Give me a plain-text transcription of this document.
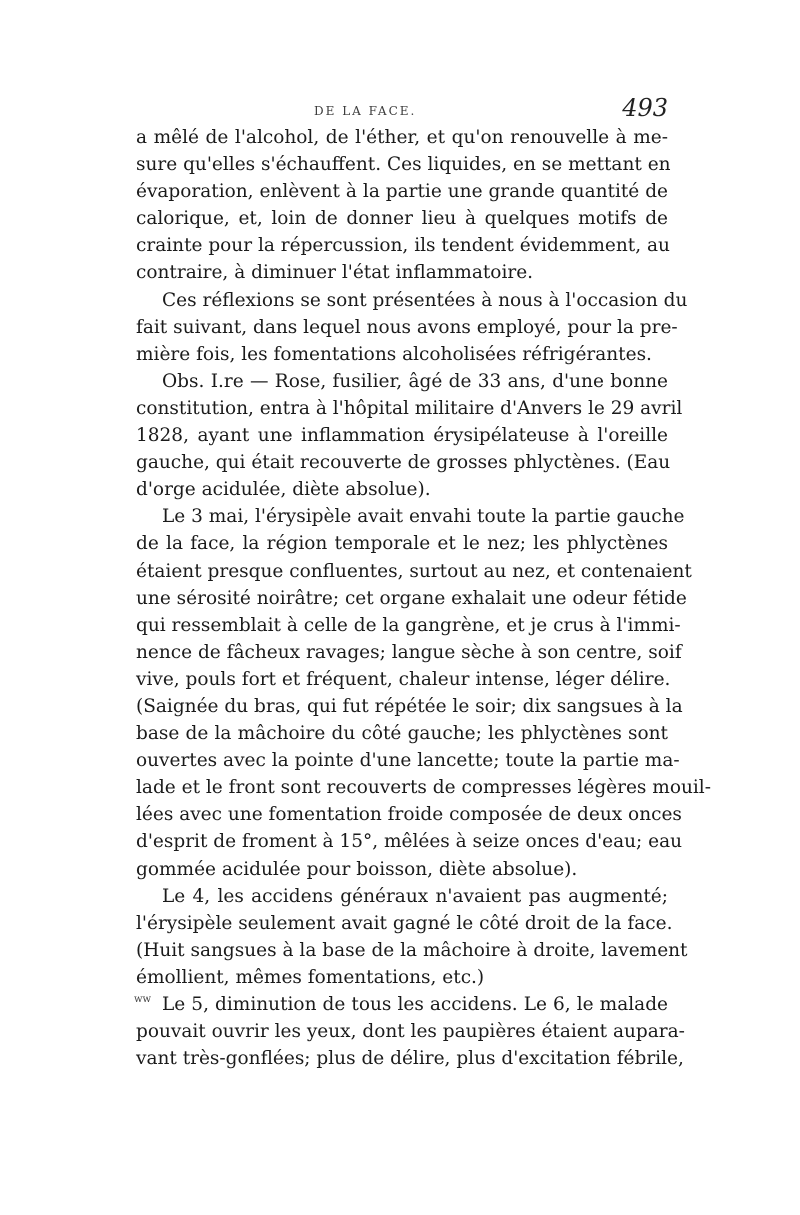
DE LA FACE.	493
a mêlé de l'alcohol, de l'éther, et qu'on renouvelle à me-
sure qu'elles s'échauffent. Ces liquides, en se mettant en
évaporation, enlèvent à la partie une grande quantité de
calorique, et, loin de donner lieu à quelques motifs de
crainte pour la répercussion, ils tendent évidemment, au
contraire, à diminuer l'état inflammatoire.
Ces réflexions se sont présentées à nous à l'occasion du
fait suivant, dans lequel nous avons employé, pour la pre-
mière fois, les fomentations alcoholisées réfrigérantes.
Obs. I.re — Rose, fusilier, âgé de 33 ans, d'une bonne
constitution, entra à l'hôpital militaire d'Anvers le 29 avril
1828, ayant une inflammation érysipélateuse à l'oreille
gauche, qui était recouverte de grosses phlyctènes. (Eau
d'orge acidulée, diète absolue).
Le 3 mai, l'érysipèle avait envahi toute la partie gauche
de la face, la région temporale et le nez; les phlyctènes
étaient presque confluentes, surtout au nez, et contenaient
une sérosité noirâtre; cet organe exhalait une odeur fétide
qui ressemblait à celle de la gangrène, et je crus à l'immi-
nence de fâcheux ravages; langue sèche à son centre, soif
vive, pouls fort et fréquent, chaleur intense, léger délire.
(Saignée du bras, qui fut répétée le soir; dix sangsues à la
base de la mâchoire du côté gauche; les phlyctènes sont
ouvertes avec la pointe d'une lancette; toute la partie ma-
lade et le front sont recouverts de compresses légères mouil-
lées avec une fomentation froide composée de deux onces
d'esprit de froment à 15°, mêlées à seize onces d'eau; eau
gommée acidulée pour boisson, diète absolue).
Le 4, les accidens généraux n'avaient pas augmenté;
l'érysipèle seulement avait gagné le côté droit de la face.
(Huit sangsues à la base de la mâchoire à droite, lavement
émollient, mêmes fomentations, etc.)
Le 5, diminution de tous les accidens. Le 6, le malade
pouvait ouvrir les yeux, dont les paupières étaient aupara-
vant très-gonflées; plus de délire, plus d'excitation fébrile,
ww
